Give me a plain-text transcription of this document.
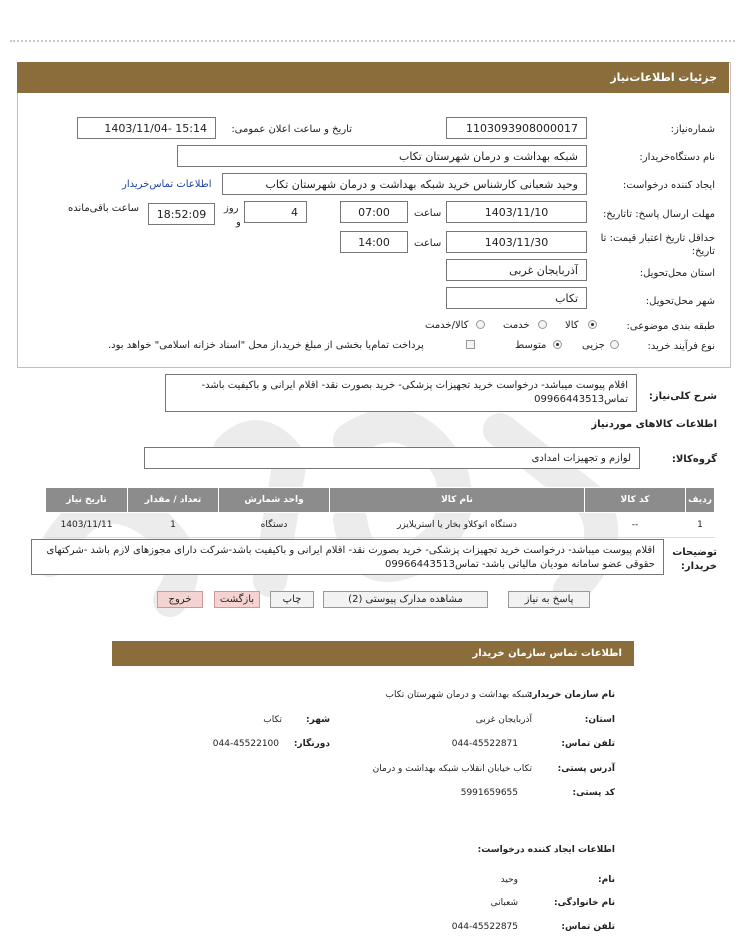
جزئیات اطلاعات‌نیاز
شماره‌نیاز:
1103093908000017
تاریخ و ساعت اعلان عمومی:
1403/11/04- 15:14
نام دستگاه‌خریدار:
شبکه بهداشت و درمان شهرستان تکاب
ایجاد کننده درخواست:
وحید شعبانی کارشناس خرید شبکه بهداشت و درمان شهرستان تکاب
اطلاعات تماس‌خریدار
مهلت ارسال پاسخ: تاتاریخ:
1403/11/10
ساعت
07:00
4
روز
و
18:52:09
ساعت باقی‌مانده
حداقل تاریخ اعتبار قیمت: تا تاریخ:
1403/11/30
ساعت
14:00
استان محل‌تحویل:
آذربایجان غربی
شهر محل‌تحویل:
تکاب
طبقه بندی موضوعی:
کالا
خدمت
کالا/خدمت
نوع فرآیند خرید:
جزیی
متوسط
پرداخت تمام‌یا بخشی از مبلغ خرید،از محل "اسناد خزانه اسلامی" خواهد بود.
شرح کلی‌نیاز:
اقلام پیوست میباشد- درخواست خرید تجهیزات پزشکی- خرید بصورت نقد- اقلام ایرانی و باکیفیت باشد- تماس09966443513
اطلاعات کالاهای موردنیاز
گروه‌کالا:
لوازم و تجهیزات امدادی
ردیف	کد کالا	نام کالا	واحد شمارش	تعداد / مقدار	تاریخ نیاز
1	--	دستگاه اتوکلاو بخار یا استریلایزر	دستگاه	1	1403/11/11
توضیحات خریدار:
اقلام پیوست میباشد- درخواست خرید تجهیزات پزشکی- خرید بصورت نقد- اقلام ایرانی و باکیفیت باشد-شرکت دارای مجوزهای لازم باشد -شرکتهای حقوقی عضو سامانه مودیان مالیاتی باشد- تماس09966443513
پاسخ به نیاز
مشاهده مدارک پیوستی (2)
چاپ
بازگشت
خروج
اطلاعات تماس سازمان خریدار
نام سازمان خریدار:
شبکه بهداشت و درمان شهرستان تکاب
استان:
آذربایجان غربی
شهر:
تکاب
تلفن تماس:
044-45522871
دورنگار:
044-45522100
آدرس پستی:
تکاب خیابان انقلاب شبکه بهداشت و درمان
کد پستی:
5991659655
اطلاعات ایجاد کننده درخواست:
نام:
وحید
نام خانوادگی:
شعبانی
تلفن تماس:
044-45522875
